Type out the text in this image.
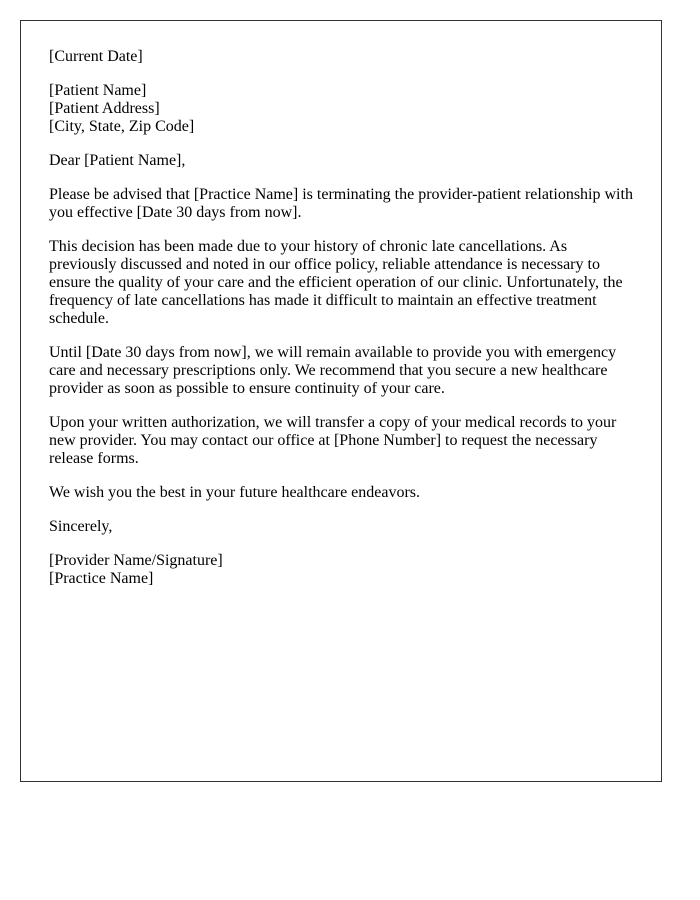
[Current Date]

[Patient Name]
[Patient Address]
[City, State, Zip Code]

Dear [Patient Name],

Please be advised that [Practice Name] is terminating the provider-patient relationship with you effective [Date 30 days from now].

This decision has been made due to your history of chronic late cancellations. As previously discussed and noted in our office policy, reliable attendance is necessary to ensure the quality of your care and the efficient operation of our clinic. Unfortunately, the frequency of late cancellations has made it difficult to maintain an effective treatment schedule.

Until [Date 30 days from now], we will remain available to provide you with emergency care and necessary prescriptions only. We recommend that you secure a new healthcare provider as soon as possible to ensure continuity of your care.

Upon your written authorization, we will transfer a copy of your medical records to your new provider. You may contact our office at [Phone Number] to request the necessary release forms.

We wish you the best in your future healthcare endeavors.

Sincerely,

[Provider Name/Signature]
[Practice Name]
